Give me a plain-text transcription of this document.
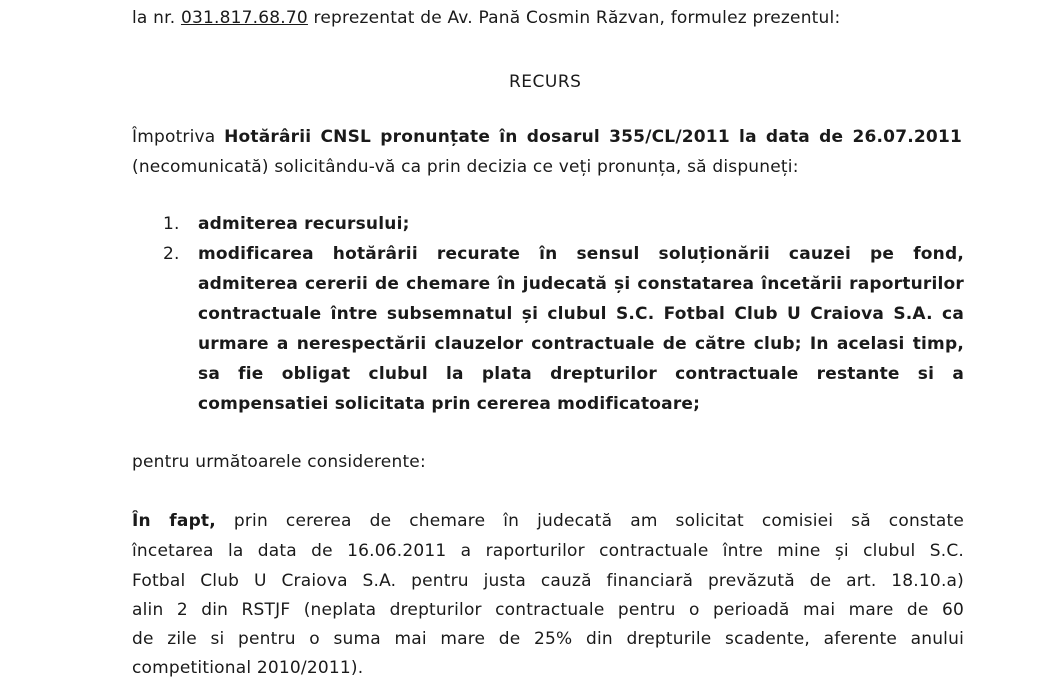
la nr. 031.817.68.70 reprezentat de Av. Pană Cosmin Răzvan, formulez prezentul:
RECURS
Împotriva Hotărârii CNSL pronunțate în dosarul 355/CL/2011 la data de 26.07.2011
(necomunicată) solicitându-vă ca prin decizia ce veți pronunța, să dispuneți:
1. admiterea recursului;
2. modificarea hotărârii recurate în sensul soluționării cauzei pe fond,
admiterea cererii de chemare în judecată și constatarea încetării raporturilor
contractuale între subsemnatul și clubul S.C. Fotbal Club U Craiova S.A. ca
urmare a nerespectării clauzelor contractuale de către club; In acelasi timp,
sa fie obligat clubul la plata drepturilor contractuale restante si a
compensatiei solicitata prin cererea modificatoare;
pentru următoarele considerente:
În fapt, prin cererea de chemare în judecată am solicitat comisiei să constate
încetarea la data de 16.06.2011 a raporturilor contractuale între mine și clubul S.C.
Fotbal Club U Craiova S.A. pentru justa cauză financiară prevăzută de art. 18.10.a)
alin 2 din RSTJF (neplata drepturilor contractuale pentru o perioadă mai mare de 60
de zile si pentru o suma mai mare de 25% din drepturile scadente, aferente anului
competitional 2010/2011).
